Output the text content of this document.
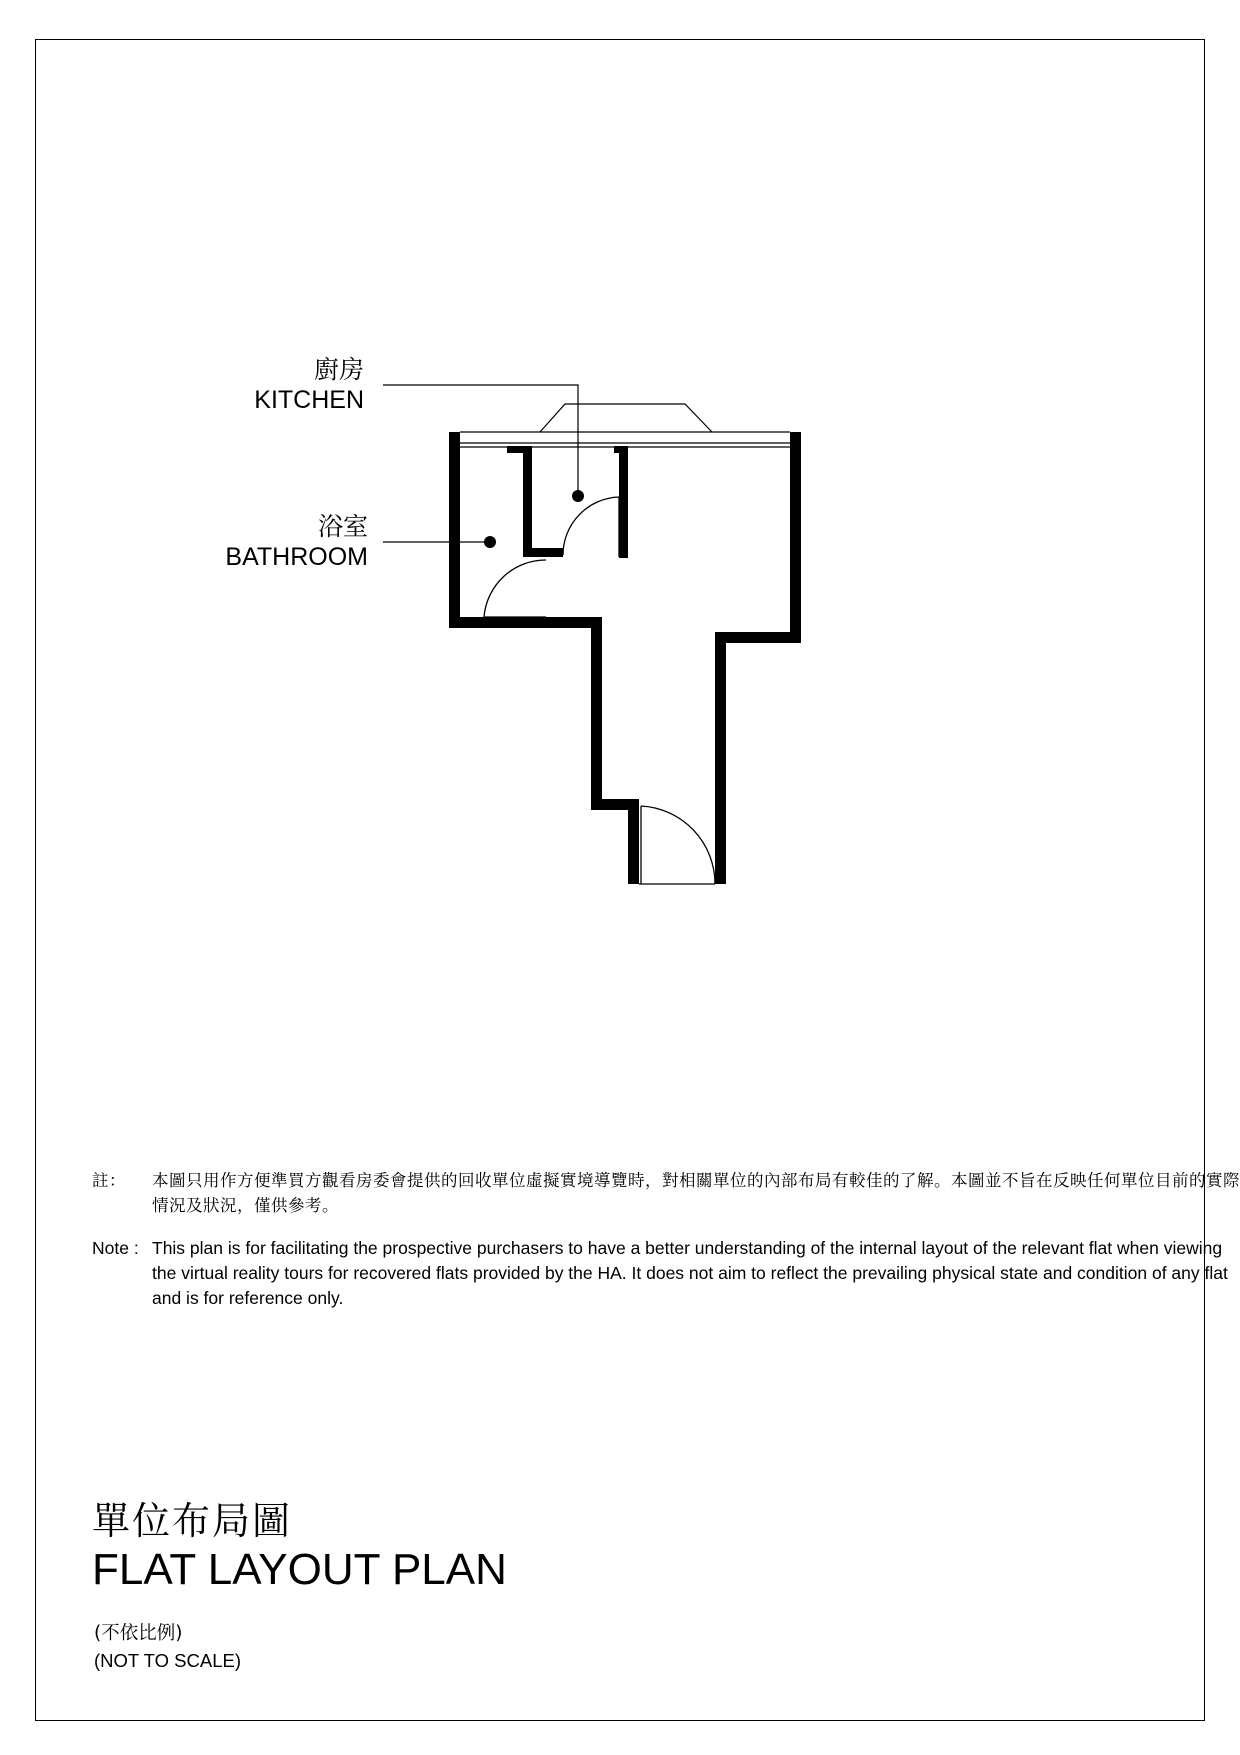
廚房
KITCHEN
浴室
BATHROOM
註： 本圖只用作方便準買方觀看房委會提供的回收單位虛擬實境導覽時，對相關單位的內部布局有較佳的了解。本圖並不旨在反映任何單位目前的實際情況及狀況，僅供參考。
Note : This plan is for facilitating the prospective purchasers to have a better understanding of the internal layout of the relevant flat when viewing the virtual reality tours for recovered flats provided by the HA. It does not aim to reflect the prevailing physical state and condition of any flat and is for reference only.
單位布局圖
FLAT LAYOUT PLAN
(不依比例)
(NOT TO SCALE)
